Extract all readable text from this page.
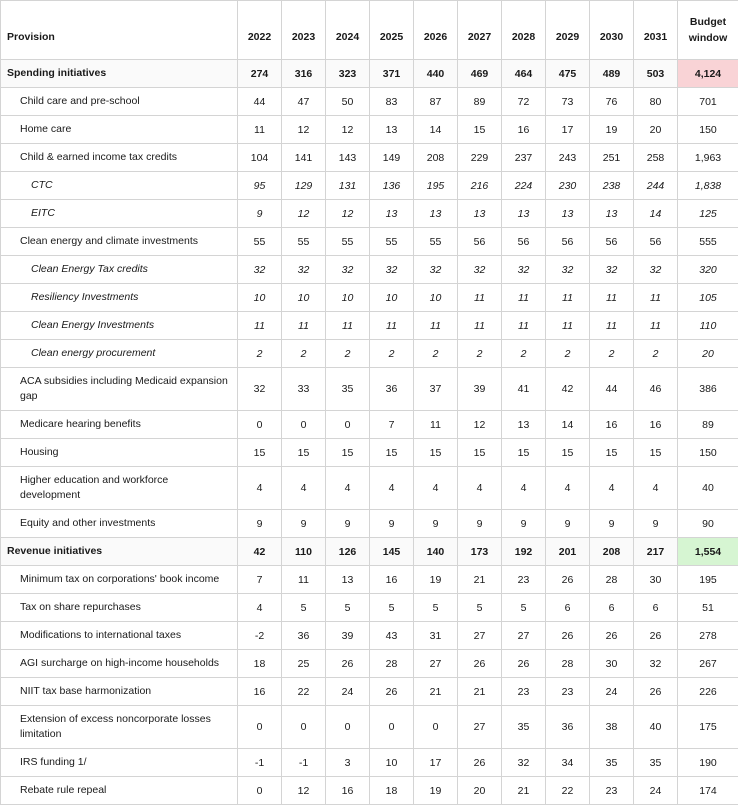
Provision	2022	2023	2024	2025	2026	2027	2028	2029	2030	2031	Budget
window

Spending initiatives	274	316	323	371	440	469	464	475	489	503	4,124

Child care and pre-school	44	47	50	83	87	89	72	73	76	80	701

Home care	11	12	12	13	14	15	16	17	19	20	150

Child & earned income tax credits	104	141	143	149	208	229	237	243	251	258	1,963

CTC	95	129	131	136	195	216	224	230	238	244	1,838

EITC	9	12	12	13	13	13	13	13	13	14	125

Clean energy and climate investments	55	55	55	55	55	56	56	56	56	56	555

Clean Energy Tax credits	32	32	32	32	32	32	32	32	32	32	320

Resiliency Investments	10	10	10	10	10	11	11	11	11	11	105

Clean Energy Investments	11	11	11	11	11	11	11	11	11	11	110

Clean energy procurement	2	2	2	2	2	2	2	2	2	2	20

ACA subsidies including Medicaid expansion gap	32	33	35	36	37	39	41	42	44	46	386

Medicare hearing benefits	0	0	0	7	11	12	13	14	16	16	89

Housing	15	15	15	15	15	15	15	15	15	15	150

Higher education and workforce development	4	4	4	4	4	4	4	4	4	4	40

Equity and other investments	9	9	9	9	9	9	9	9	9	9	90

Revenue initiatives	42	110	126	145	140	173	192	201	208	217	1,554

Minimum tax on corporations' book income	7	11	13	16	19	21	23	26	28	30	195

Tax on share repurchases	4	5	5	5	5	5	5	6	6	6	51

Modifications to international taxes	-2	36	39	43	31	27	27	26	26	26	278

AGI surcharge on high-income households	18	25	26	28	27	26	26	28	30	32	267

NIIT tax base harmonization	16	22	24	26	21	21	23	23	24	26	226

Extension of excess noncorporate losses limitation	0	0	0	0	0	27	35	36	38	40	175

IRS funding 1/	-1	-1	3	10	17	26	32	34	35	35	190

Rebate rule repeal	0	12	16	18	19	20	21	22	23	24	174
